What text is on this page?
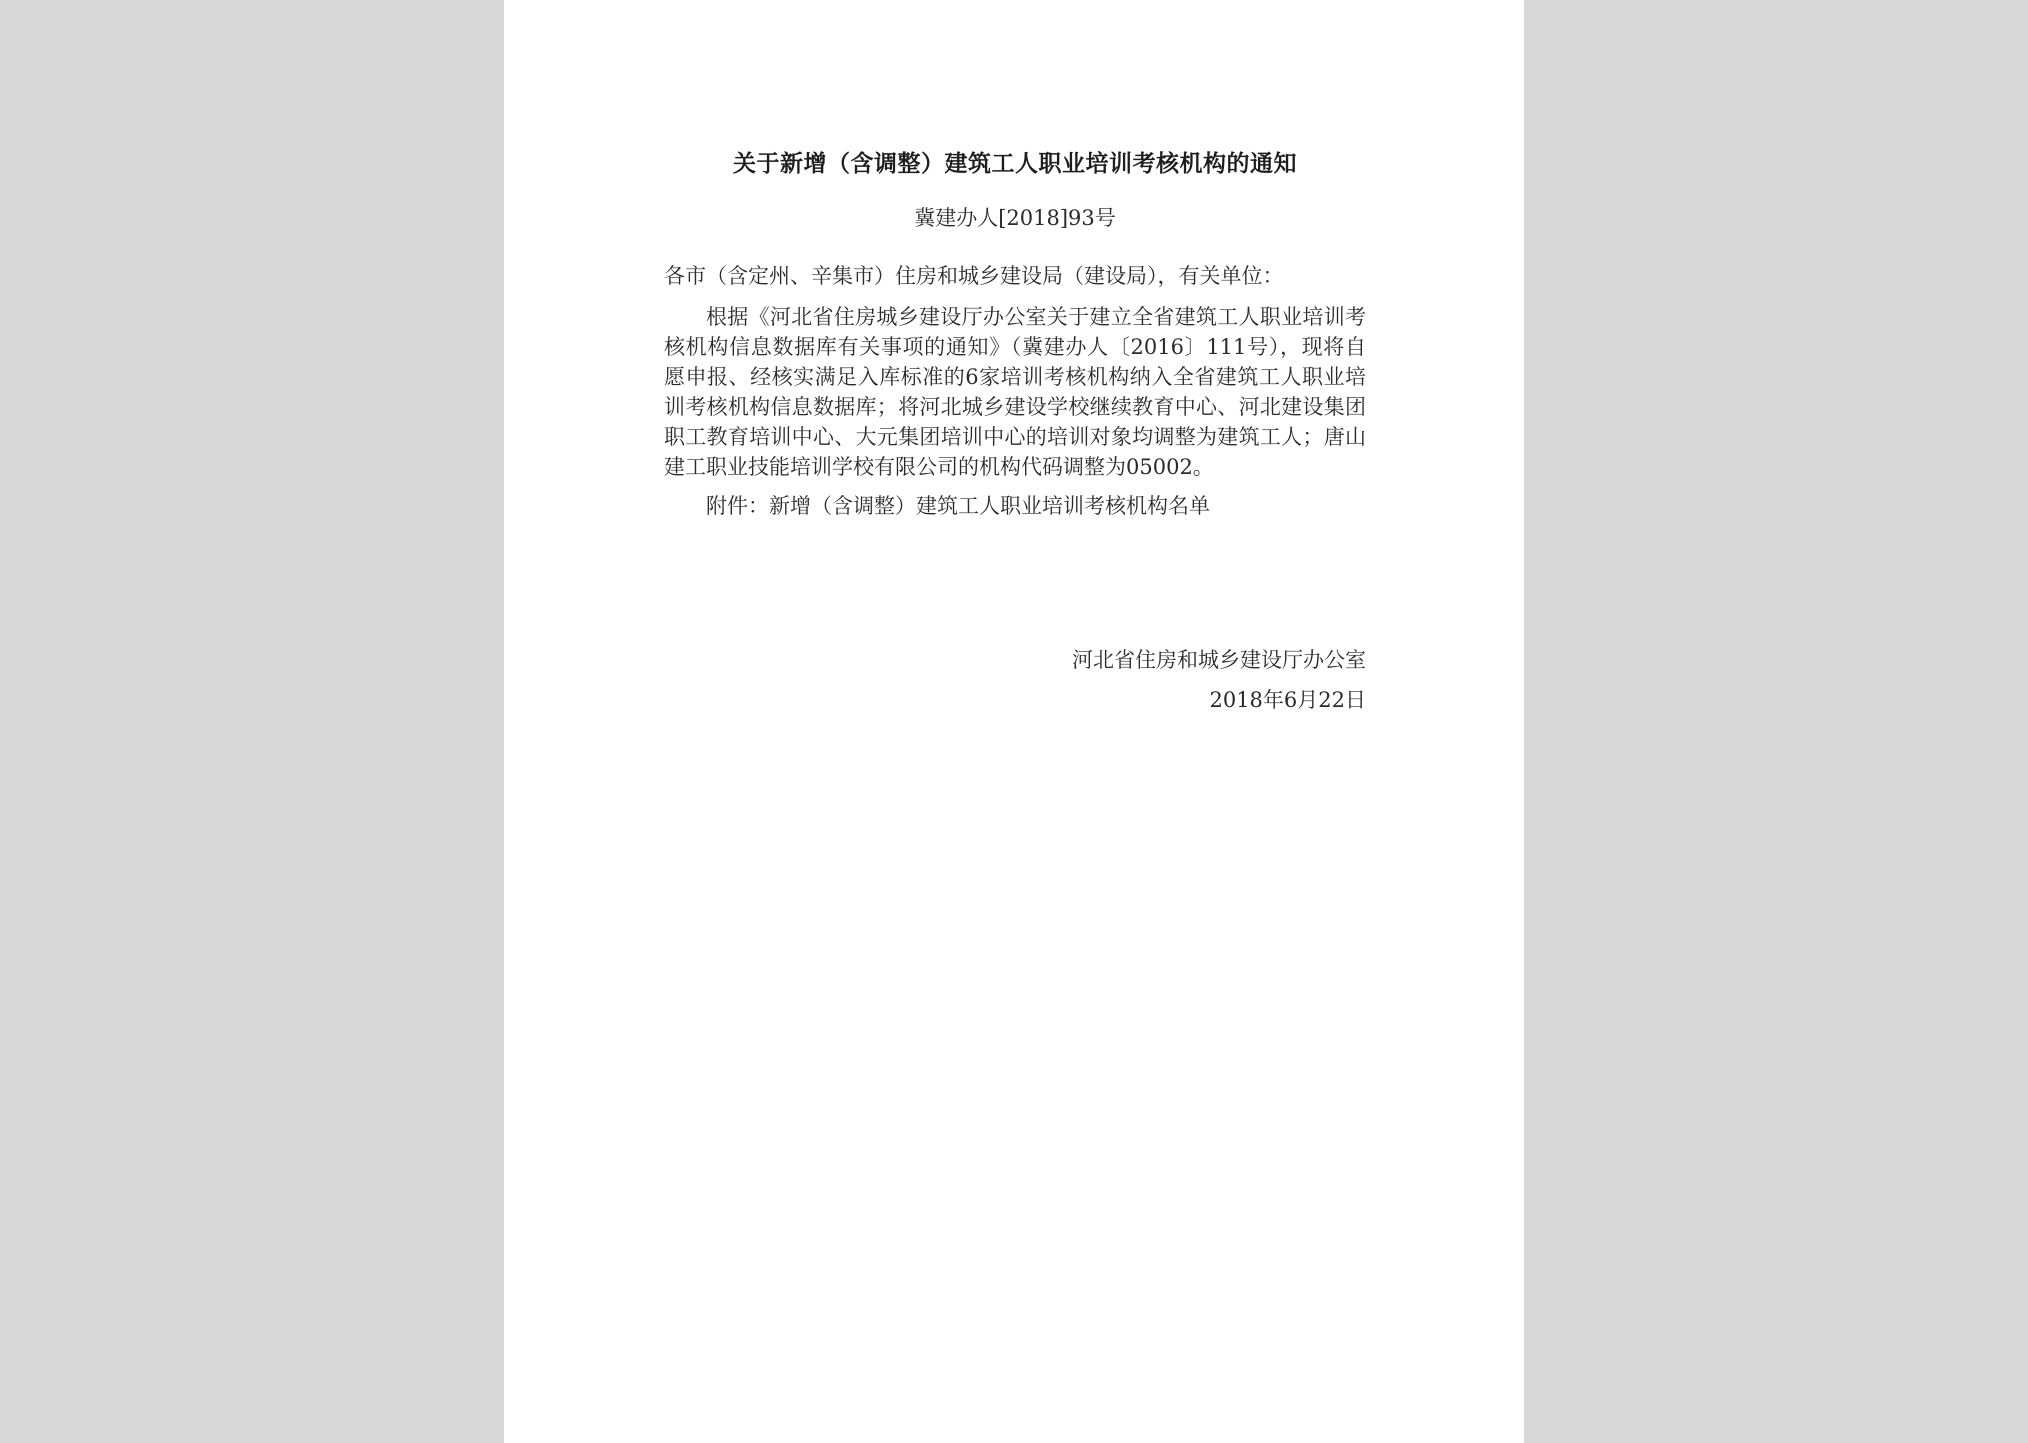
关于新增（含调整）建筑工人职业培训考核机构的通知

冀建办人[2018]93号

各市（含定州、辛集市）住房和城乡建设局（建设局），有关单位：

根据《河北省住房城乡建设厅办公室关于建立全省建筑工人职业培训考核机构信息数据库有关事项的通知》（冀建办人〔2016〕111号），现将自愿申报、经核实满足入库标准的6家培训考核机构纳入全省建筑工人职业培训考核机构信息数据库；将河北城乡建设学校继续教育中心、河北建设集团职工教育培训中心、大元集团培训中心的培训对象均调整为建筑工人；唐山建工职业技能培训学校有限公司的机构代码调整为05002。

附件：新增（含调整）建筑工人职业培训考核机构名单

河北省住房和城乡建设厅办公室
2018年6月22日
